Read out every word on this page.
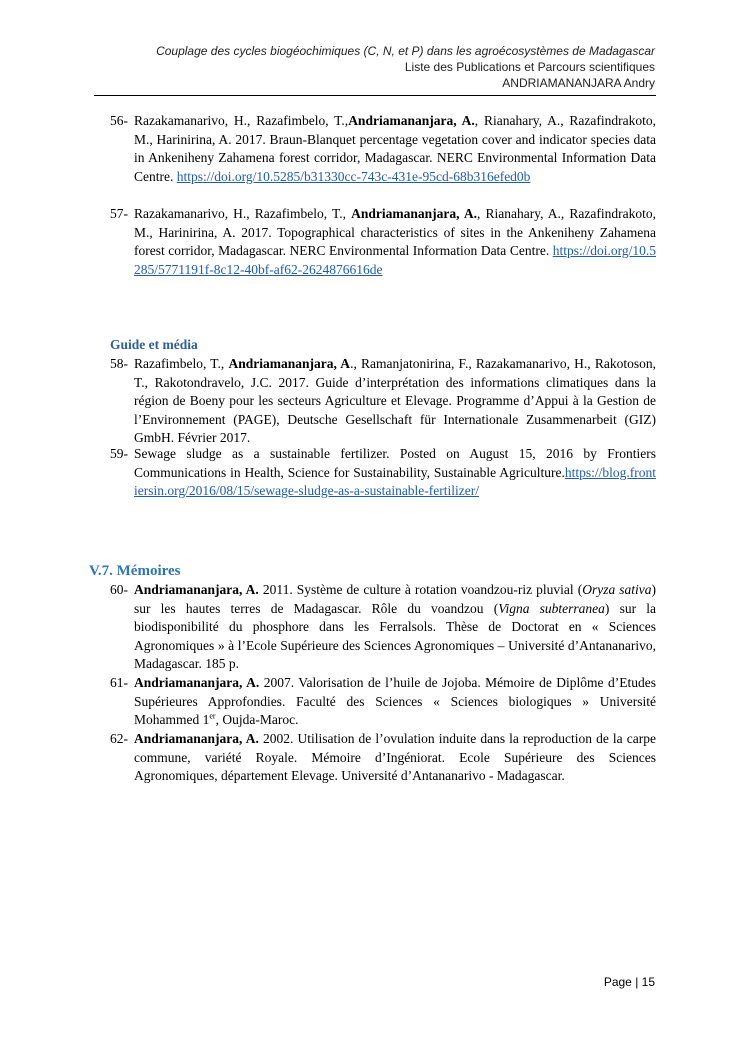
Couplage des cycles biogéochimiques (C, N, et P) dans les agroécosystèmes de Madagascar
Liste des Publications et Parcours scientifiques
ANDRIAMANANJARA Andry
56- Razakamanarivo, H., Razafimbelo, T.,Andriamananjara, A., Rianahary, A., Razafindrakoto, M., Harinirina, A. 2017. Braun-Blanquet percentage vegetation cover and indicator species data in Ankeniheny Zahamena forest corridor, Madagascar. NERC Environmental Information Data Centre. https://doi.org/10.5285/b31330cc-743c-431e-95cd-68b316efed0b
57- Razakamanarivo, H., Razafimbelo, T., Andriamananjara, A., Rianahary, A., Razafindrakoto, M., Harinirina, A. 2017. Topographical characteristics of sites in the Ankeniheny Zahamena forest corridor, Madagascar. NERC Environmental Information Data Centre. https://doi.org/10.5285/5771191f-8c12-40bf-af62-2624876616de
Guide et média
58- Razafimbelo, T., Andriamananjara, A., Ramanjatonirina, F., Razakamanarivo, H., Rakotoson, T., Rakotondravelo, J.C. 2017. Guide d’interprétation des informations climatiques dans la région de Boeny pour les secteurs Agriculture et Elevage. Programme d’Appui à la Gestion de l’Environnement (PAGE), Deutsche Gesellschaft für Internationale Zusammenarbeit (GIZ) GmbH. Février 2017.
59- Sewage sludge as a sustainable fertilizer. Posted on August 15, 2016 by Frontiers Communications in Health, Science for Sustainability, Sustainable Agriculture.https://blog.frontiersin.org/2016/08/15/sewage-sludge-as-a-sustainable-fertilizer/
V.7. Mémoires
60- Andriamananjara, A. 2011. Système de culture à rotation voandzou-riz pluvial (Oryza sativa) sur les hautes terres de Madagascar. Rôle du voandzou (Vigna subterranea) sur la biodisponibilité du phosphore dans les Ferralsols. Thèse de Doctorat en « Sciences Agronomiques » à l’Ecole Supérieure des Sciences Agronomiques – Université d’Antananarivo, Madagascar. 185 p.
61- Andriamananjara, A. 2007. Valorisation de l’huile de Jojoba. Mémoire de Diplôme d’Etudes Supérieures Approfondies. Faculté des Sciences « Sciences biologiques » Université Mohammed 1er, Oujda-Maroc.
62- Andriamananjara, A. 2002. Utilisation de l’ovulation induite dans la reproduction de la carpe commune, variété Royale. Mémoire d’Ingéniorat. Ecole Supérieure des Sciences Agronomiques, département Elevage. Université d’Antananarivo - Madagascar.
Page | 15
